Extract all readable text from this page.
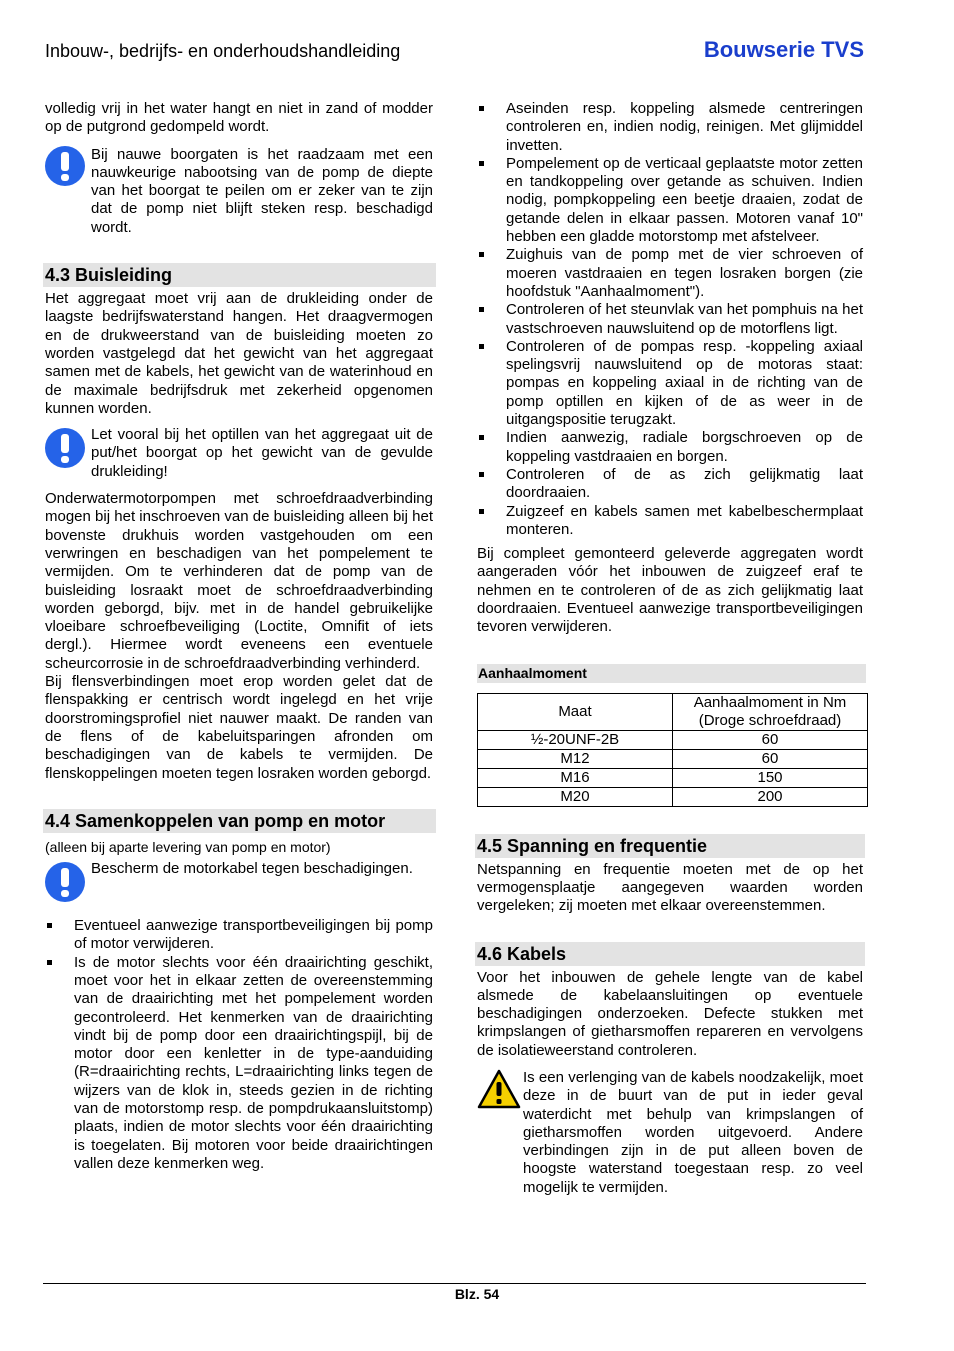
Inbouw-, bedrijfs- en onderhoudshandleiding	Bouwserie TVS

volledig vrij in het water hangt en niet in zand of modder op de putgrond gedompeld wordt.

Bij nauwe boorgaten is het raadzaam met een nauwkeurige nabootsing van de pomp de diepte van het boorgat te peilen om er zeker van te zijn dat de pomp niet blijft steken resp. beschadigd wordt.

4.3 Buisleiding

Het aggregaat moet vrij aan de drukleiding onder de laagste bedrijfswaterstand hangen. Het draagvermogen en de drukweerstand van de buisleiding moeten zo worden vastgelegd dat het gewicht van het aggregaat samen met de kabels, het gewicht van de waterinhoud en de maximale bedrijfsdruk met zekerheid opgenomen kunnen worden.

Let vooral bij het optillen van het aggregaat uit de put/het boorgat op het gewicht van de gevulde drukleiding!

Onderwatermotorpompen met schroefdraadverbinding mogen bij het inschroeven van de buisleiding alleen bij het bovenste drukhuis worden vastgehouden om een verwringen en beschadigen van het pompelement te vermijden. Om te verhinderen dat de pomp van de buisleiding losraakt moet de schroefdraadverbinding worden geborgd, bijv. met in de handel gebruikelijke vloeibare schroefbeveiliging (Loctite, Omnifit of iets dergl.). Hiermee wordt eveneens een eventuele scheurcorrosie in de schroefdraadverbinding verhinderd.

Bij flensverbindingen moet erop worden gelet dat de flenspakking er centrisch wordt ingelegd en het vrije doorstromingsprofiel niet nauwer maakt. De randen van de flens of de kabeluitsparingen afronden om beschadigingen van de kabels te vermijden. De flenskoppelingen moeten tegen losraken worden geborgd.

4.4 Samenkoppelen van pomp en motor

(alleen bij aparte levering van pomp en motor)

Bescherm de motorkabel tegen beschadigingen.

Eventueel aanwezige transportbeveiligingen bij pomp of motor verwijderen.
Is de motor slechts voor één draairichting geschikt, moet voor het in elkaar zetten de overeenstemming van de draairichting met het pompelement worden gecontroleerd. Het kenmerken van de draairichting vindt bij de pomp door een draairichtingspijl, bij de motor door een kenletter in de type-aanduiding (R=draairichting rechts, L=draairichting links tegen de wijzers van de klok in, steeds gezien in de richting van de motorstomp resp. de pompdrukaansluitstomp) plaats, indien de motor slechts voor één draairichting is toegelaten. Bij motoren voor beide draairichtingen vallen deze kenmerken weg.
Aseinden resp. koppeling alsmede centreringen controleren en, indien nodig, reinigen. Met glijmiddel invetten.
Pompelement op de verticaal geplaatste motor zetten en tandkoppeling over getande as schuiven. Indien nodig, pompkoppeling een beetje draaien, zodat de getande delen in elkaar passen. Motoren vanaf 10" hebben een gladde motorstomp met afstelveer.
Zuighuis van de pomp met de vier schroeven of moeren vastdraaien en tegen losraken borgen (zie hoofdstuk "Aanhaalmoment").
Controleren of het steunvlak van het pomphuis na het vastschroeven nauwsluitend op de motorflens ligt.
Controleren of de pompas resp. -koppeling axiaal spelingsvrij nauwsluitend op de motoras staat: pompas en koppeling axiaal in de richting van de pomp optillen en kijken of de as weer in de uitgangspositie terugzakt.
Indien aanwezig, radiale borgschroeven op de koppeling vastdraaien en borgen.
Controleren of de as zich gelijkmatig laat doordraaien.
Zuigzeef en kabels samen met kabelbeschermplaat monteren.

Bij compleet gemonteerd geleverde aggregaten wordt aangeraden vóór het inbouwen de zuigzeef eraf te nehmen en te controleren of de as zich gelijkmatig laat doordraaien. Eventueel aanwezige transportbeveiligingen tevoren verwijderen.

Aanhaalmoment
Maat	Aanhaalmoment in Nm
(Droge schroefdraad)
½-20UNF-2B	60
M12	60
M16	150
M20	200
4.5 Spanning en frequentie

Netspanning en frequentie moeten met de op het vermogensplaatje aangegeven waarden worden vergeleken; zij moeten met elkaar overeenstemmen.

4.6 Kabels

Voor het inbouwen de gehele lengte van de kabel alsmede de kabelaansluitingen op eventuele beschadigingen onderzoeken. Defecte stukken met krimpslangen of gietharsmoffen repareren en vervolgens de isolatieweerstand controleren.

Is een verlenging van de kabels noodzakelijk, moet deze in de buurt van de put in ieder geval waterdicht met behulp van krimpslangen of gietharsmoffen worden uitgevoerd. Andere verbindingen zijn in de put alleen boven de hoogste waterstand toegestaan resp. zo veel mogelijk te vermijden.

Blz. 54
